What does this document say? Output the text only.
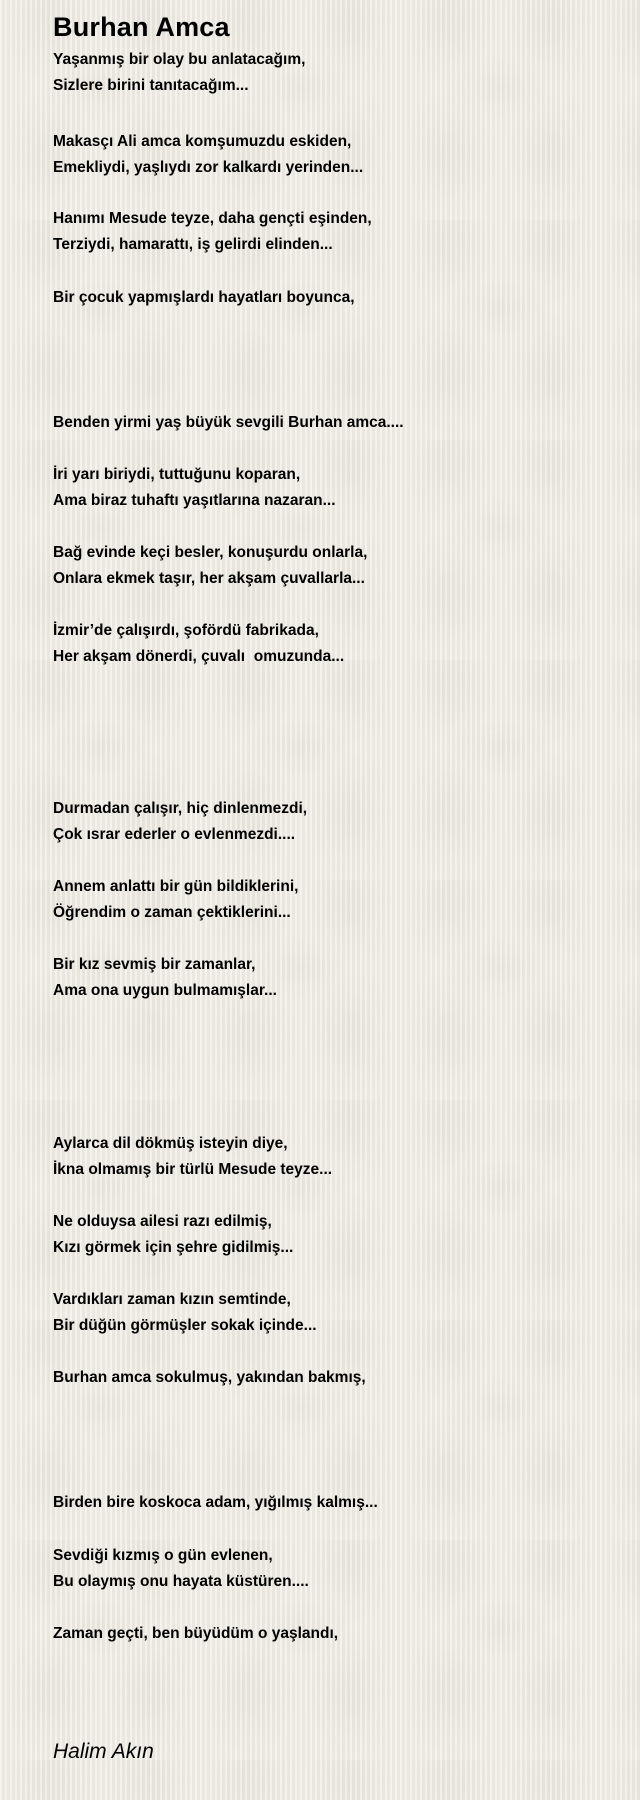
Burhan Amca

Yaşanmış bir olay bu anlatacağım,
Sizlere birini tanıtacağım...

Makasçı Ali amca komşumuzdu eskiden,
Emekliydi, yaşlıydı zor kalkardı yerinden...

Hanımı Mesude teyze, daha gençti eşinden,
Terziydi, hamarattı, iş gelirdi elinden...

Bir çocuk yapmışlardı hayatları boyunca,

Benden yirmi yaş büyük sevgili Burhan amca....

İri yarı biriydi, tuttuğunu koparan,
Ama biraz tuhaftı yaşıtlarına nazaran...

Bağ evinde keçi besler, konuşurdu onlarla,
Onlara ekmek taşır, her akşam çuvallarla...

İzmir’de çalışırdı, şofördü fabrikada,
Her akşam dönerdi, çuvalı  omuzunda...

Durmadan çalışır, hiç dinlenmezdi,
Çok ısrar ederler o evlenmezdi....

Annem anlattı bir gün bildiklerini,
Öğrendim o zaman çektiklerini...

Bir kız sevmiş bir zamanlar,
Ama ona uygun bulmamışlar...

Aylarca dil dökmüş isteyin diye,
İkna olmamış bir türlü Mesude teyze...

Ne olduysa ailesi razı edilmiş,
Kızı görmek için şehre gidilmiş...

Vardıkları zaman kızın semtinde,
Bir düğün görmüşler sokak içinde...

Burhan amca sokulmuş, yakından bakmış,

Birden bire koskoca adam, yığılmış kalmış...

Sevdiği kızmış o gün evlenen,
Bu olaymış onu hayata küstüren....

Zaman geçti, ben büyüdüm o yaşlandı,

Halim Akın
